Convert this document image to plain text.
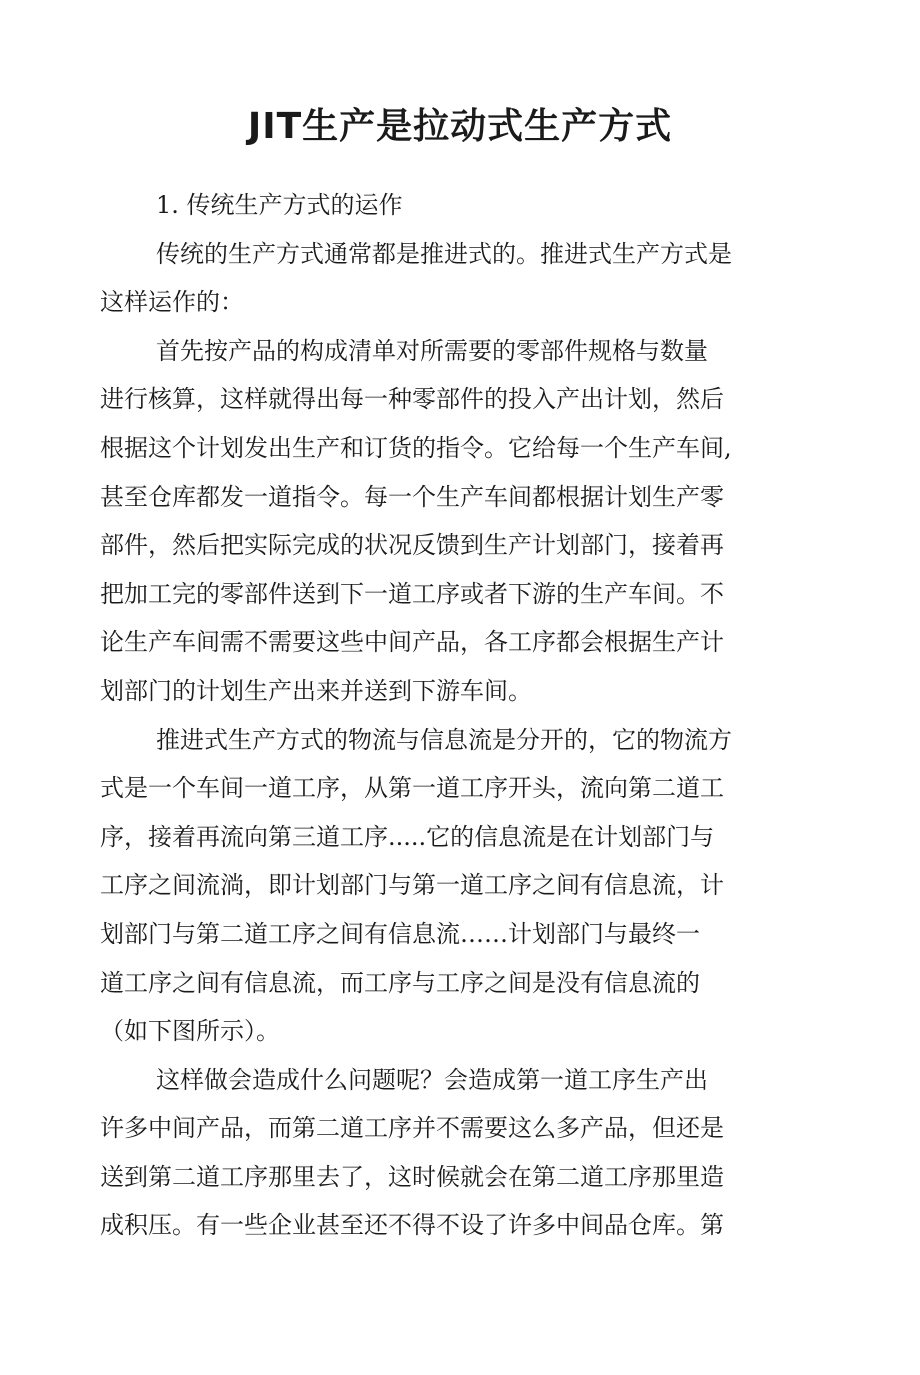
JIT生产是拉动式生产方式
1. 传统生产方式的运作
传统的生产方式通常都是推进式的。推进式生产方式是
这样运作的：
首先按产品的构成清单对所需要的零部件规格与数量
进行核算，这样就得出每一种零部件的投入产出计划，然后
根据这个计划发出生产和订货的指令。它给每一个生产车间,
甚至仓库都发一道指令。每一个生产车间都根据计划生产零
部件，然后把实际完成的状况反馈到生产计划部门，接着再
把加工完的零部件送到下一道工序或者下游的生产车间。不
论生产车间需不需要这些中间产品，各工序都会根据生产计
划部门的计划生产出来并送到下游车间。
推进式生产方式的物流与信息流是分开的，它的物流方
式是一个车间一道工序，从第一道工序开头，流向第二道工
序，接着再流向第三道工序.....它的信息流是在计划部门与
工序之间流淌，即计划部门与第一道工序之间有信息流，计
划部门与第二道工序之间有信息流……计划部门与最终一
道工序之间有信息流，而工序与工序之间是没有信息流的
（如下图所示）。
这样做会造成什么问题呢？会造成第一道工序生产出
许多中间产品，而第二道工序并不需要这么多产品，但还是
送到第二道工序那里去了，这时候就会在第二道工序那里造
成积压。有一些企业甚至还不得不设了许多中间品仓库。第
